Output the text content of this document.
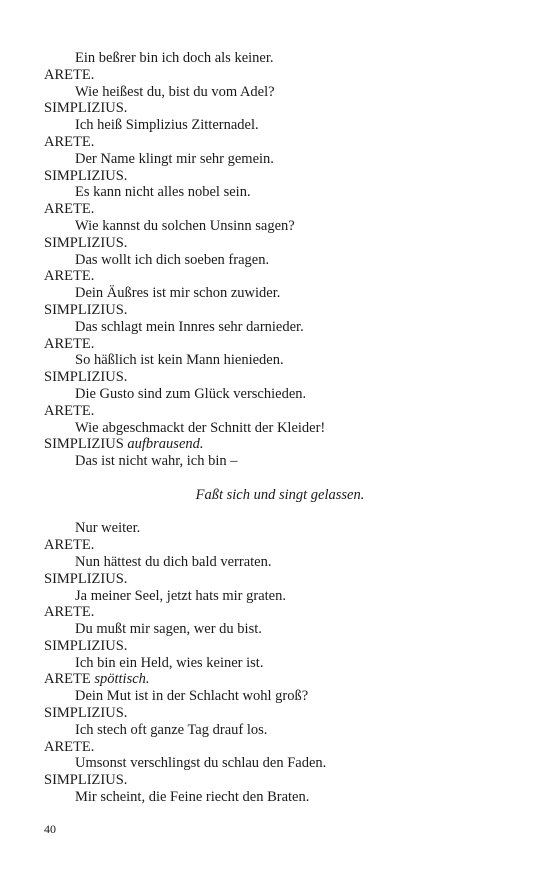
Ein beßrer bin ich doch als keiner.
ARETE.
Wie heißest du, bist du vom Adel?
SIMPLIZIUS.
Ich heiß Simplizius Zitternadel.
ARETE.
Der Name klingt mir sehr gemein.
SIMPLIZIUS.
Es kann nicht alles nobel sein.
ARETE.
Wie kannst du solchen Unsinn sagen?
SIMPLIZIUS.
Das wollt ich dich soeben fragen.
ARETE.
Dein Äußres ist mir schon zuwider.
SIMPLIZIUS.
Das schlagt mein Innres sehr darnieder.
ARETE.
So häßlich ist kein Mann hienieden.
SIMPLIZIUS.
Die Gusto sind zum Glück verschieden.
ARETE.
Wie abgeschmackt der Schnitt der Kleider!
SIMPLIZIUS aufbrausend.
Das ist nicht wahr, ich bin –
Faßt sich und singt gelassen.
Nur weiter.
ARETE.
Nun hättest du dich bald verraten.
SIMPLIZIUS.
Ja meiner Seel, jetzt hats mir graten.
ARETE.
Du mußt mir sagen, wer du bist.
SIMPLIZIUS.
Ich bin ein Held, wies keiner ist.
ARETE spöttisch.
Dein Mut ist in der Schlacht wohl groß?
SIMPLIZIUS.
Ich stech oft ganze Tag drauf los.
ARETE.
Umsonst verschlingst du schlau den Faden.
SIMPLIZIUS.
Mir scheint, die Feine riecht den Braten.
40
